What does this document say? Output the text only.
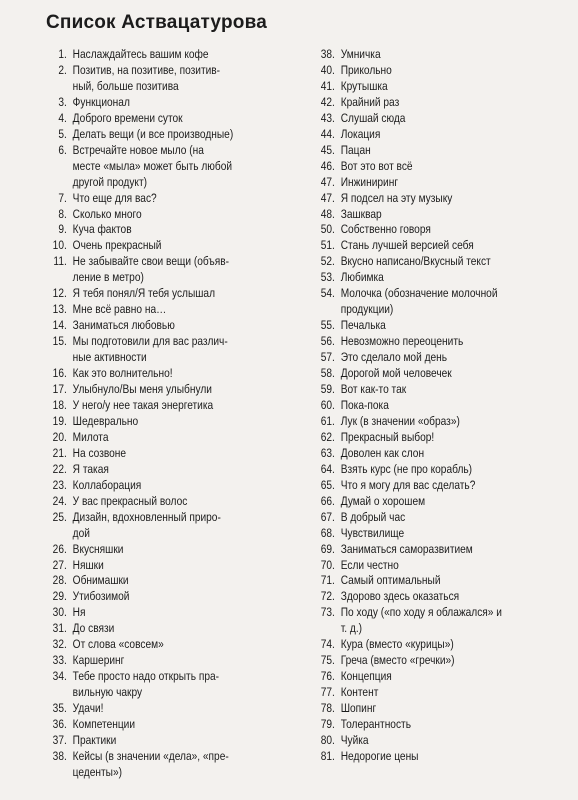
Список Аствацатурова
1. Наслаждайтесь вашим кофе
2. Позитив, на позитиве, позитив-
ный, больше позитива
3. Функционал
4. Доброго времени суток
5. Делать вещи (и все производные)
6. Встречайте новое мыло (на
месте «мыла» может быть любой
другой продукт)
7. Что еще для вас?
8. Сколько много
9. Куча фактов
10. Очень прекрасный
11. Не забывайте свои вещи (объяв-
ление в метро)
12. Я тебя понял/Я тебя услышал
13. Мне всё равно на…
14. Заниматься любовью
15. Мы подготовили для вас различ-
ные активности
16. Как это волнительно!
17. Улыбнуло/Вы меня улыбнули
18. У него/у нее такая энергетика
19. Шедеврально
20. Милота
21. На созвоне
22. Я такая
23. Коллаборация
24. У вас прекрасный волос
25. Дизайн, вдохновленный приро-
дой
26. Вкусняшки
27. Няшки
28. Обнимашки
29. Утибозимой
30. Ня
31. До связи
32. От слова «совсем»
33. Каршеринг
34. Тебе просто надо открыть пра-
вильную чакру
35. Удачи!
36. Компетенции
37. Практики
38. Кейсы (в значении «дела», «пре-
цеденты»)
38. Умничка
40. Прикольно
41. Крутышка
42. Крайний раз
43. Слушай сюда
44. Локация
45. Пацан
46. Вот это вот всё
47. Инжиниринг
47. Я подсел на эту музыку
48. Зашквар
50. Собственно говоря
51. Стань лучшей версией себя
52. Вкусно написано/Вкусный текст
53. Любимка
54. Молочка (обозначение молочной
продукции)
55. Печалька
56. Невозможно переоценить
57. Это сделало мой день
58. Дорогой мой человечек
59. Вот как-то так
60. Пока-пока
61. Лук (в значении «образ»)
62. Прекрасный выбор!
63. Доволен как слон
64. Взять курс (не про корабль)
65. Что я могу для вас сделать?
66. Думай о хорошем
67. В добрый час
68. Чувствилище
69. Заниматься саморазвитием
70. Если честно
71. Самый оптимальный
72. Здорово здесь оказаться
73. По ходу («по ходу я облажался» и
т. д.)
74. Кура (вместо «курицы»)
75. Греча (вместо «гречки»)
76. Концепция
77. Контент
78. Шопинг
79. Толерантность
80. Чуйка
81. Недорогие цены
